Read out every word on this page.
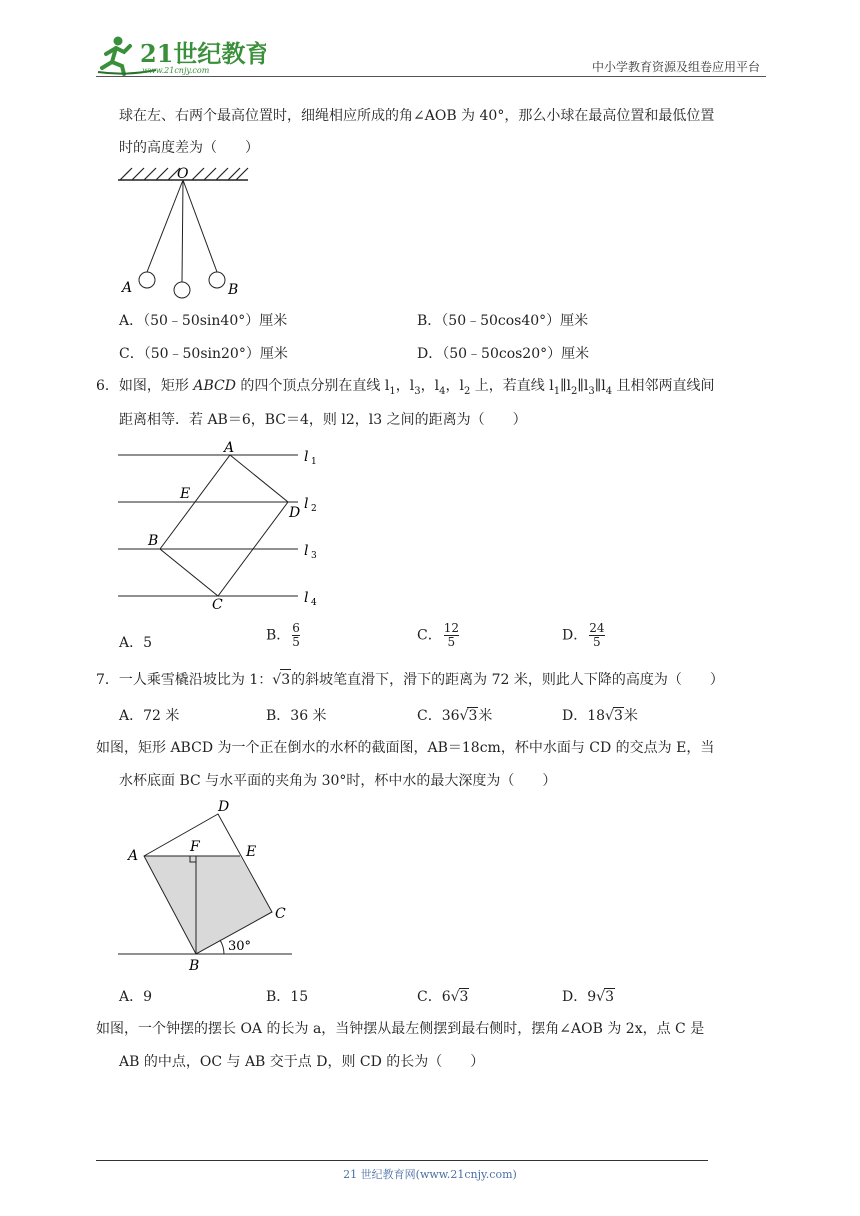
21世纪教育
www.21cnjy.com	中小学教育资源及组卷应用平台
球在左、右两个最高位置时，细绳相应所成的角∠AOB 为 40°，那么小球在最高位置和最低位置
时的高度差为（　　）
O
A	B
A．（50﹣50sin40°）厘米	B．（50﹣50cos40°）厘米
C．（50﹣50sin20°）厘米	D．（50﹣50cos20°）厘米
6．如图，矩形 ABCD 的四个顶点分别在直线 $l_1$，$l_3$，$l_4$，$l_2$ 上，若直线 $l_1\parallel l_2\parallel l_3\parallel l_4$ 且相邻两直线间
距离相等．若 AB＝6，BC＝4，则 l2，l3 之间的距离为（　　）
A
E
D
B
C
l 1
l 2
l 3
l 4
A．5	B． $\frac{6}{5}$	C． $\frac{12}{5}$	D． $\frac{24}{5}$
7．一人乘雪橇沿坡比为 1：√3的斜坡笔直滑下，滑下的距离为 72 米，则此人下降的高度为（　　）
A．72 米	B．36 米	C．36√3米	D．18√3米
如图，矩形 ABCD 为一个正在倒水的水杯的截面图，AB＝18cm，杯中水面与 CD 的交点为 E，当
水杯底面 BC 与水平面的夹角为 30°时，杯中水的最大深度为（　　）
D
A
F	E
C
B
30°
A．9	B．15	C．6√3	D．9√3
如图，一个钟摆的摆长 OA 的长为 a，当钟摆从最左侧摆到最右侧时，摆角∠AOB 为 2x，点 C 是
AB 的中点，OC 与 AB 交于点 D，则 CD 的长为（　　）
21 世纪教育网(www.21cnjy.com)
